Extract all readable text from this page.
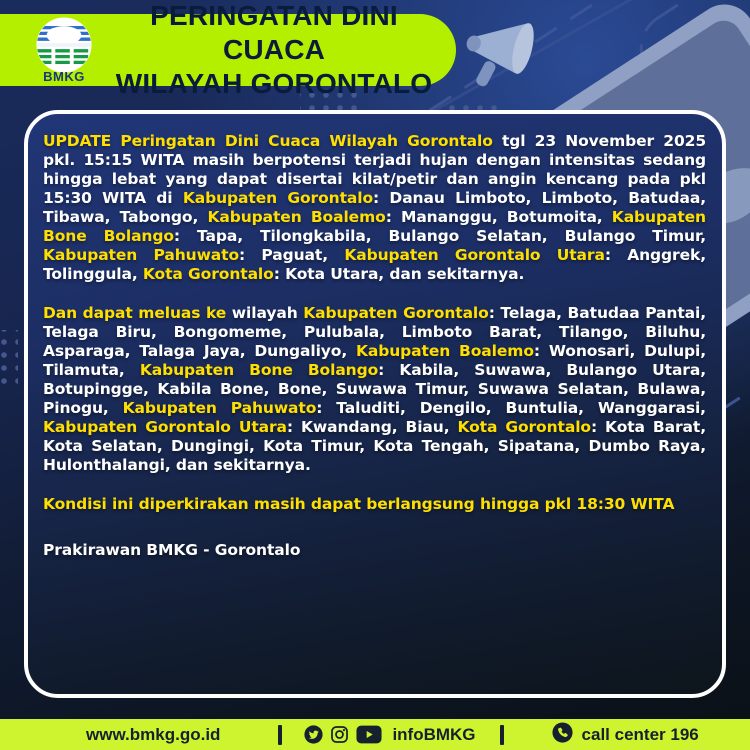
BMKG
PERINGATAN DINI CUACA
WILAYAH GORONTALO

UPDATE Peringatan Dini Cuaca Wilayah Gorontalo tgl 23 November 2025 pkl. 15:15 WITA masih berpotensi terjadi hujan dengan intensitas sedang hingga lebat yang dapat disertai kilat/petir dan angin kencang pada pkl 15:30 WITA di Kabupaten Gorontalo: Danau Limboto, Limboto, Batudaa, Tibawa, Tabongo, Kabupaten Boalemo: Mananggu, Botumoita, Kabupaten Bone Bolango: Tapa, Tilongkabila, Bulango Selatan, Bulango Timur, Kabupaten Pahuwato: Paguat, Kabupaten Gorontalo Utara: Anggrek, Tolinggula, Kota Gorontalo: Kota Utara, dan sekitarnya.

Dan dapat meluas ke wilayah Kabupaten Gorontalo: Telaga, Batudaa Pantai, Telaga Biru, Bongomeme, Pulubala, Limboto Barat, Tilango, Biluhu, Asparaga, Talaga Jaya, Dungaliyo, Kabupaten Boalemo: Wonosari, Dulupi, Tilamuta, Kabupaten Bone Bolango: Kabila, Suwawa, Bulango Utara, Botupingge, Kabila Bone, Bone, Suwawa Timur, Suwawa Selatan, Bulawa, Pinogu, Kabupaten Pahuwato: Taluditi, Dengilo, Buntulia, Wanggarasi, Kabupaten Gorontalo Utara: Kwandang, Biau, Kota Gorontalo: Kota Barat, Kota Selatan, Dungingi, Kota Timur, Kota Tengah, Sipatana, Dumbo Raya, Hulonthalangi, dan sekitarnya.

Kondisi ini diperkirakan masih dapat berlangsung hingga pkl 18:30 WITA

Prakirawan BMKG - Gorontalo

www.bmkg.go.id	infoBMKG	call center 196
